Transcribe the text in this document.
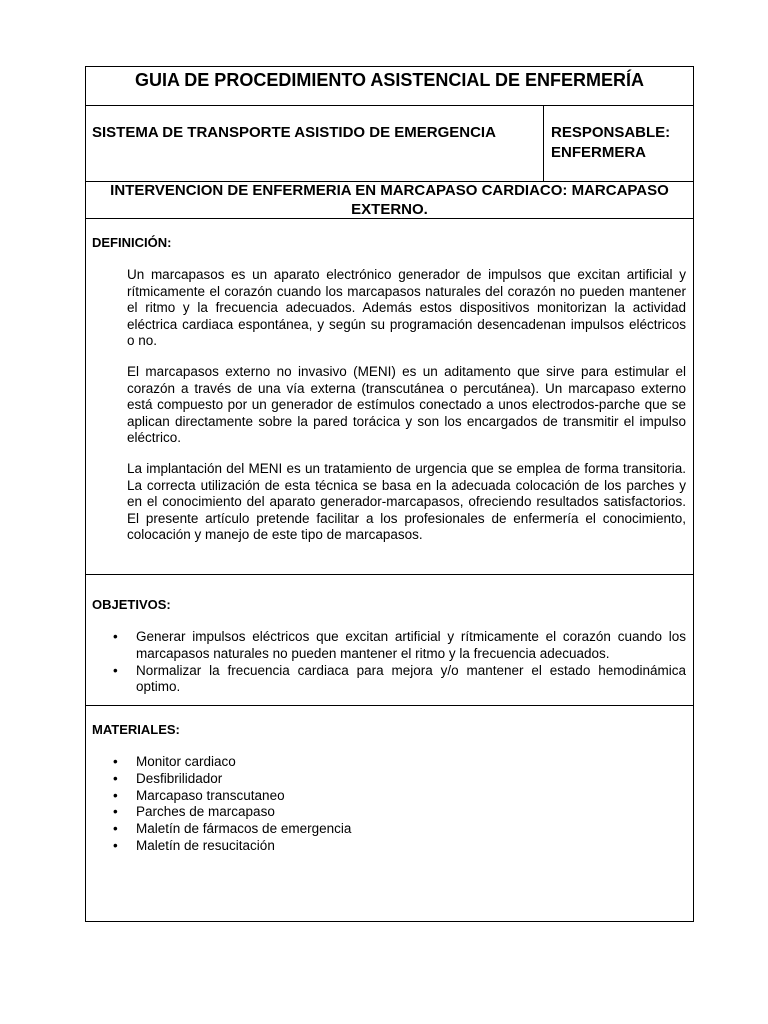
GUIA DE PROCEDIMIENTO ASISTENCIAL DE ENFERMERÍA
SISTEMA DE TRANSPORTE ASISTIDO DE EMERGENCIA	RESPONSABLE: ENFERMERA
INTERVENCION DE ENFERMERIA EN MARCAPASO CARDIACO: MARCAPASO EXTERNO.
DEFINICIÓN:

Un marcapasos es un aparato electrónico generador de impulsos que excitan artificial y rítmicamente el corazón cuando los marcapasos naturales del corazón no pueden mantener el ritmo y la frecuencia adecuados. Además estos dispositivos monitorizan la actividad eléctrica cardiaca espontánea, y según su programación desencadenan impulsos eléctricos o no.

El marcapasos externo no invasivo (MENI) es un aditamento que sirve para estimular el corazón a través de una vía externa (transcutánea o percutánea). Un marcapaso externo está compuesto por un generador de estímulos conectado a unos electrodos-parche que se aplican directamente sobre la pared torácica y son los encargados de transmitir el impulso eléctrico.

La implantación del MENI es un tratamiento de urgencia que se emplea de forma transitoria. La correcta utilización de esta técnica se basa en la adecuada colocación de los parches y en el conocimiento del aparato generador-marcapasos, ofreciendo resultados satisfactorios. El presente artículo pretende facilitar a los profesionales de enfermería el conocimiento, colocación y manejo de este tipo de marcapasos.

OBJETIVOS:
• Generar impulsos eléctricos que excitan artificial y rítmicamente el corazón cuando los marcapasos naturales no pueden mantener el ritmo y la frecuencia adecuados.
• Normalizar la frecuencia cardiaca para mejora y/o mantener el estado hemodinámica optimo.
MATERIALES:
• Monitor cardiaco
• Desfibrilidador
• Marcapaso transcutaneo
• Parches de marcapaso
• Maletín de fármacos de emergencia
• Maletín de resucitación
